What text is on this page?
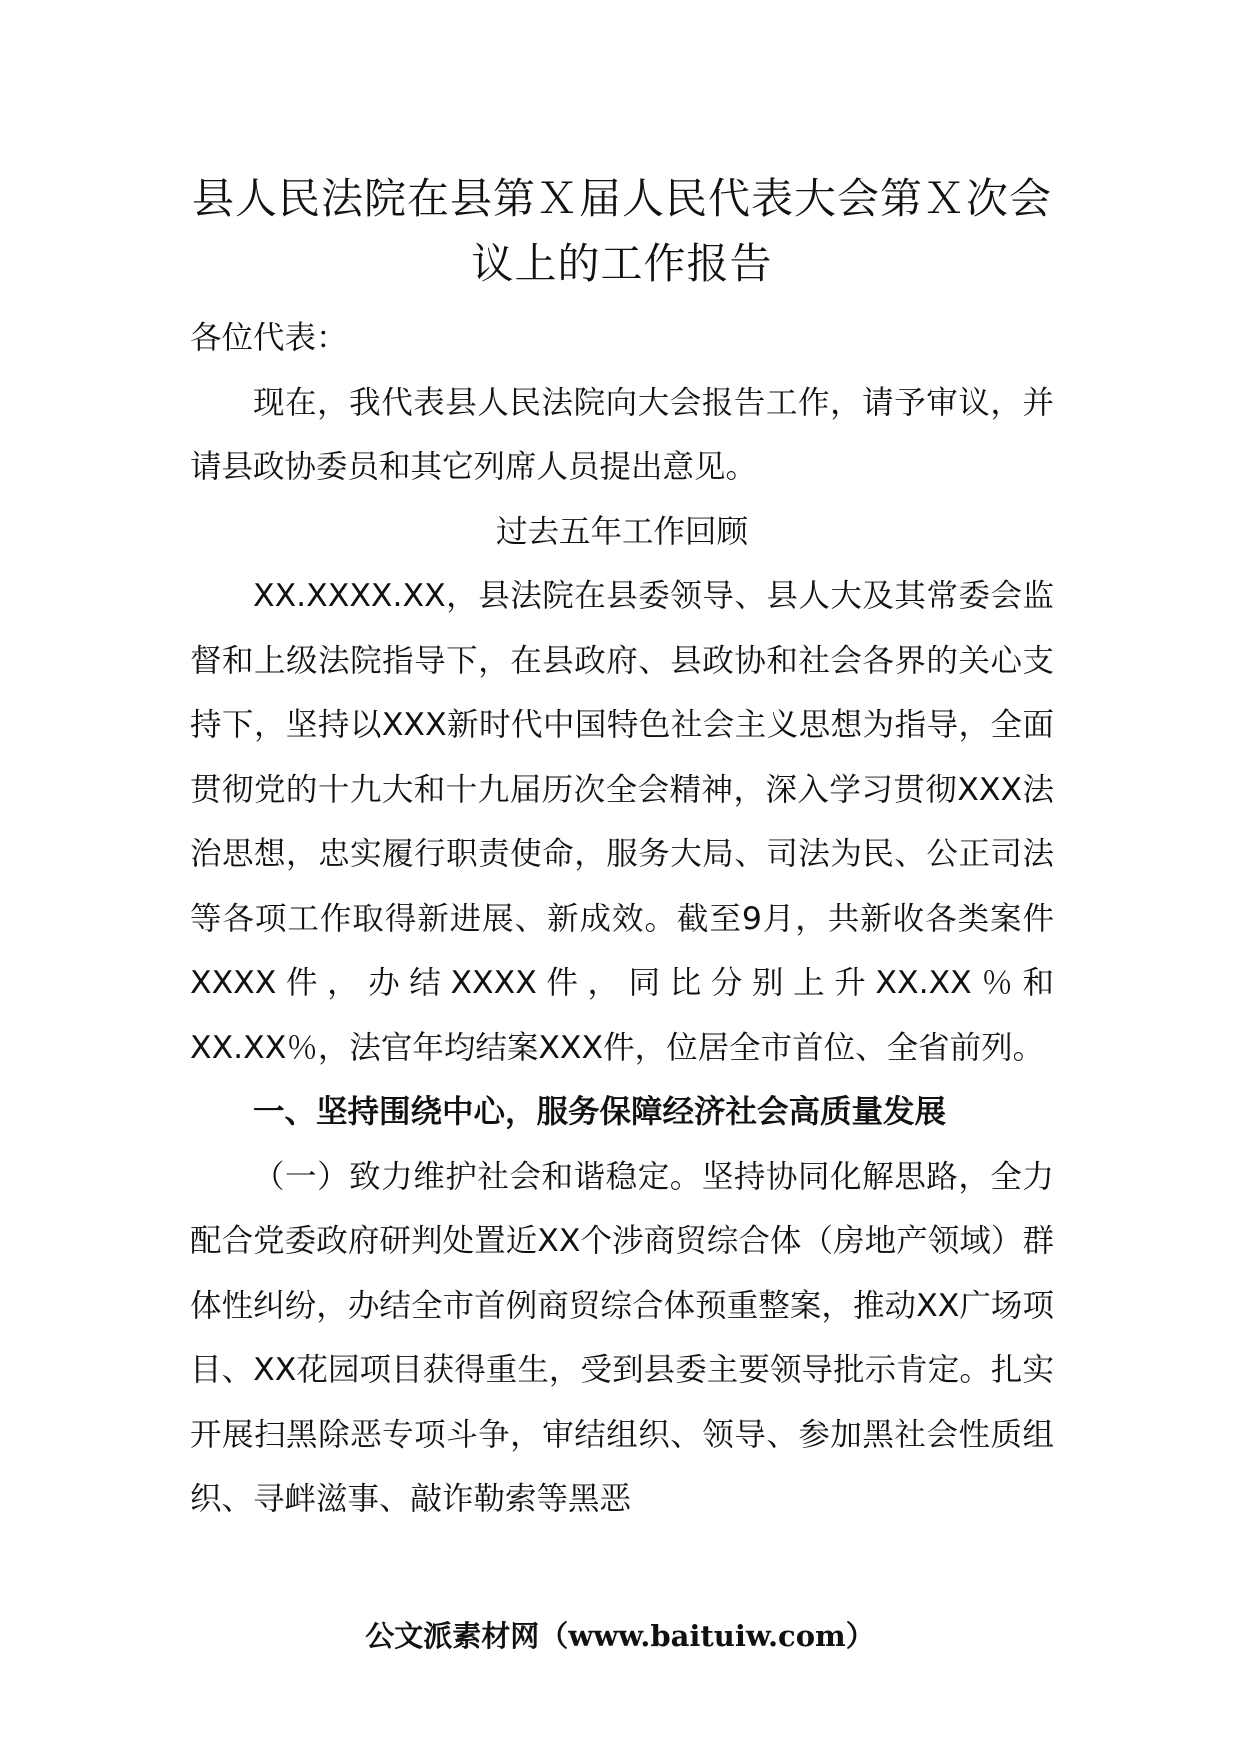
县人民法院在县第Ｘ届人民代表大会第Ｘ次会议上的工作报告

各位代表：

现在，我代表县人民法院向大会报告工作，请予审议，并请县政协委员和其它列席人员提出意见。

过去五年工作回顾

XX.XXXX.XX，县法院在县委领导、县人大及其常委会监督和上级法院指导下，在县政府、县政协和社会各界的关心支持下，坚持以XXX新时代中国特色社会主义思想为指导，全面贯彻党的十九大和十九届历次全会精神，深入学习贯彻XXX法治思想，忠实履行职责使命，服务大局、司法为民、公正司法等各项工作取得新进展、新成效。截至9月，共新收各类案件XXXX件，办结XXXX件，同比分别上升XX.XX％和XX.XX％，法官年均结案XXX件，位居全市首位、全省前列。

一、坚持围绕中心，服务保障经济社会高质量发展

（一）致力维护社会和谐稳定。坚持协同化解思路，全力配合党委政府研判处置近XX个涉商贸综合体（房地产领域）群体性纠纷，办结全市首例商贸综合体预重整案，推动XX广场项目、XX花园项目获得重生，受到县委主要领导批示肯定。扎实开展扫黑除恶专项斗争，审结组织、领导、参加黑社会性质组织、寻衅滋事、敲诈勒索等黑恶

公文派素材网（www.baituiw.com）
